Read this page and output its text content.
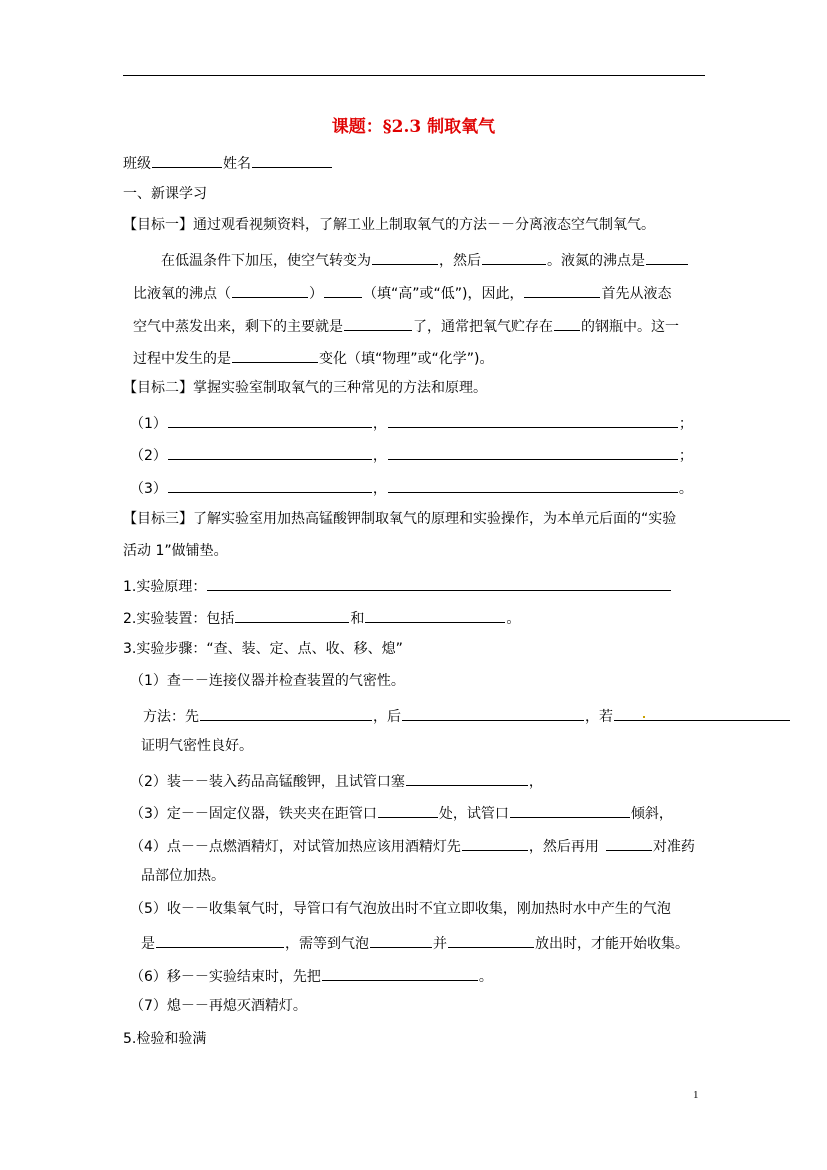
课题：§2.3 制取氧气
班级	姓名
一、新课学习
【目标一】通过观看视频资料，了解工业上制取氧气的方法－－分离液态空气制氧气。
在低温条件下加压，使空气转变为	，然后	。液氮的沸点是
比液氧的沸点（	）	（填“高”或“低”)，因此，	首先从液态
空气中蒸发出来，剩下的主要就是	了，通常把氧气贮存在 的钢瓶中。这一
过程中发生的是	变化（填“物理”或“化学”)。
【目标二】掌握实验室制取氧气的三种常见的方法和原理。
（1）	，	；
（2）	，	；
（3）	，	。
【目标三】了解实验室用加热高锰酸钾制取氧气的原理和实验操作，为本单元后面的“实验
活动 1”做铺垫。
1.实验原理：
2.实验装置：包括	和	。
3.实验步骤：“查、装、定、点、收、移、熄”
（1）查－－连接仪器并检查装置的气密性。
方法：先	，后	，若
证明气密性良好。
（2）装－－装入药品高锰酸钾，且试管口塞	，
（3）定－－固定仪器，铁夹夹在距管口	处，试管口	倾斜，
（4）点－－点燃酒精灯，对试管加热应该用酒精灯先	，然后再用	对准药
品部位加热。
（5）收－－收集氧气时，导管口有气泡放出时不宜立即收集，刚加热时水中产生的气泡
是	，需等到气泡	并	放出时，才能开始收集。
（6）移－－实验结束时，先把	。
（7）熄－－再熄灭酒精灯。
5.检验和验满
1
